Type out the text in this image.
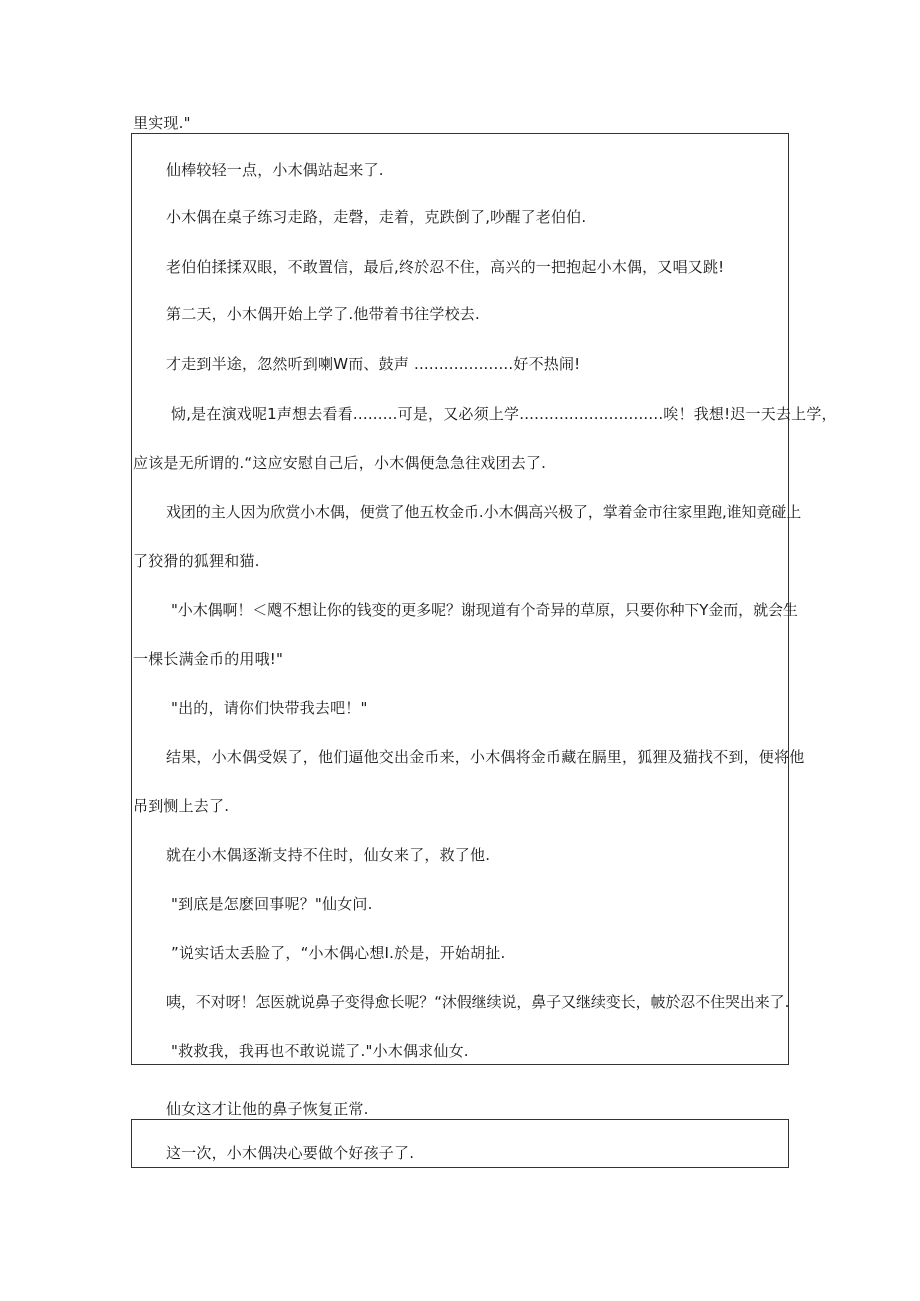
里实现."
仙棒较轻一点，小木偶站起来了.
小木偶在桌子练习走路，走磬，走着，克跌倒了,吵醒了老伯伯.
老伯伯揉揉双眼，不敢置信，最后,终於忍不住，高兴的一把抱起小木偶，又唱又跳!
第二天，小木偶开始上学了.他带着书往学校去.
才走到半途，忽然听到喇W而、鼓声 ....................好不热闹!
恸,是在演戏呢1声想去看看.........可是，又必须上学.............................唉！我想!迟一天去上学，
应该是无所谓的.“这应安慰自己后，小木偶便急急往戏团去了.
戏团的主人因为欣赏小木偶，便赏了他五枚金币.小木偶高兴极了，掌着金市往家里跑,谁知竟碰上
了狡猾的狐狸和猫.
"小木偶啊！＜飕不想让你的钱变的更多呢？谢现道有个奇异的草原，只要你种下Y金而，就会生
一棵长满金币的用哦!"
"出的，请你们快带我去吧！"
结果，小木偶受娱了，他们逼他交出金币来，小木偶将金币藏在膈里，狐狸及猫找不到，便将他
吊到恻上去了.
就在小木偶逐渐支持不住时，仙女来了，救了他.
"到底是怎麽回事呢？"仙女问.
”说实话太丢脸了，“小木偶心想I.於是，开始胡扯.
咦，不对呀！怎医就说鼻子变得愈长呢？“沐假继续说，鼻子又继续变长，帔於忍不住哭出来了.
"救救我，我再也不敢说谎了."小木偶求仙女.
仙女这才让他的鼻子恢复正常.
这一次，小木偶决心要做个好孩子了.
